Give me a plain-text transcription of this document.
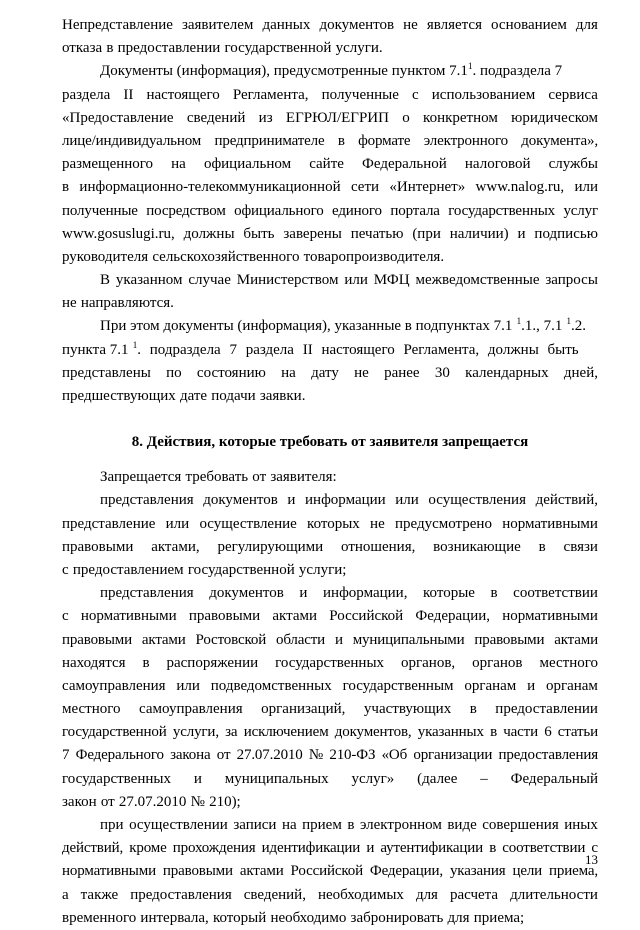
Непредставление заявителем данных документов не является основанием для
отказа в предоставлении государственной услуги.
Документы (информация), предусмотренные пунктом $7.1^1$. подраздела 7
раздела II настоящего Регламента, полученные с использованием сервиса
«Предоставление сведений из ЕГРЮЛ/ЕГРИП о конкретном юридическом
лице/индивидуальном предпринимателе в формате электронного документа»,
размещенного на официальном сайте Федеральной налоговой службы
в информационно-телекоммуникационной сети «Интернет» www.nalog.ru, или
полученные посредством официального единого портала государственных услуг
www.gosuslugi.ru, должны быть заверены печатью (при наличии) и подписью
руководителя сельскохозяйственного товаропроизводителя.
В указанном случае Министерством или МФЦ межведомственные запросы
не направляются.
При этом документы (информация), указанные в подпунктах 7.1 $^1$.1., 7.1 $^1$.2.
пункта 7.1 $^1$. подраздела 7 раздела II настоящего Регламента, должны быть
представлены по состоянию на дату не ранее 30 календарных дней,
предшествующих дате подачи заявки.
8. Действия, которые требовать от заявителя запрещается
Запрещается требовать от заявителя:
представления документов и информации или осуществления действий,
представление или осуществление которых не предусмотрено нормативными
правовыми актами, регулирующими отношения, возникающие в связи
с предоставлением государственной услуги;
представления документов и информации, которые в соответствии
с нормативными правовыми актами Российской Федерации, нормативными
правовыми актами Ростовской области и муниципальными правовыми актами
находятся в распоряжении государственных органов, органов местного
самоуправления или подведомственных государственным органам и органам
местного самоуправления организаций, участвующих в предоставлении
государственной услуги, за исключением документов, указанных в части 6 статьи
7 Федерального закона от 27.07.2010 № 210-ФЗ «Об организации предоставления
государственных и муниципальных услуг» (далее – Федеральный
закон от 27.07.2010 № 210);
при осуществлении записи на прием в электронном виде совершения иных
действий, кроме прохождения идентификации и аутентификации в соответствии с
нормативными правовыми актами Российской Федерации, указания цели приема,
а также предоставления сведений, необходимых для расчета длительности
временного интервала, который необходимо забронировать для приема;
13
